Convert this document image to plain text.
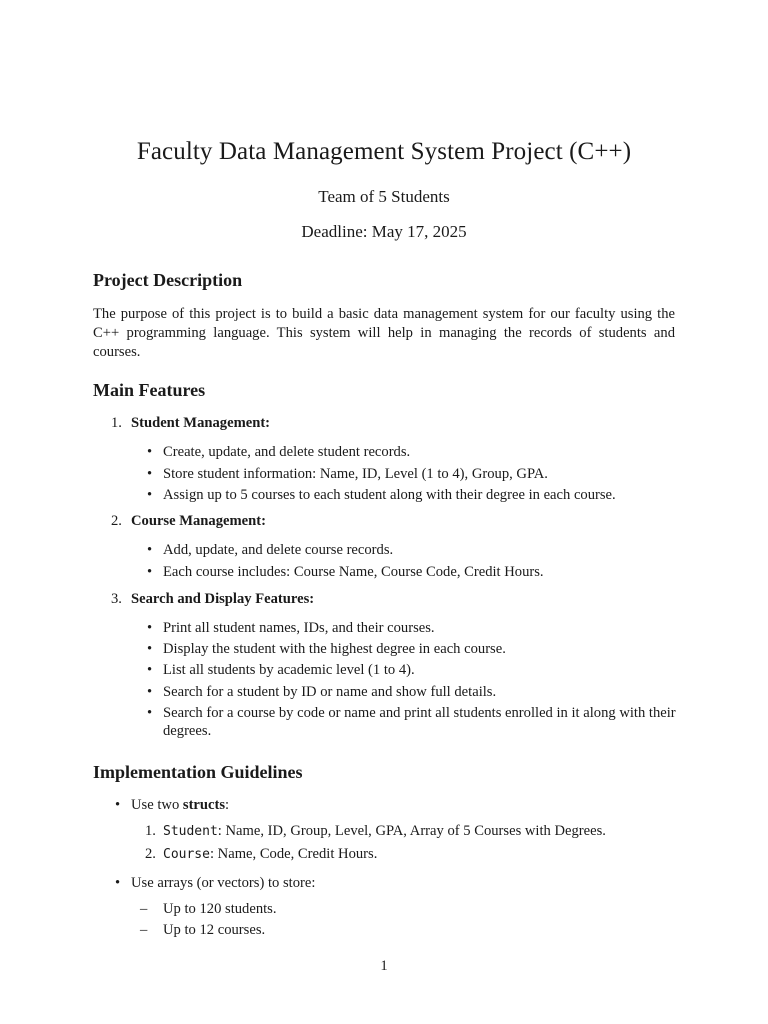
Faculty Data Management System Project (C++)
Team of 5 Students
Deadline: May 17, 2025
Project Description
The purpose of this project is to build a basic data management system for our faculty using the C++ programming language. This system will help in managing the records of students and courses.
Main Features
1. Student Management:
• Create, update, and delete student records.
• Store student information: Name, ID, Level (1 to 4), Group, GPA.
• Assign up to 5 courses to each student along with their degree in each course.
2. Course Management:
• Add, update, and delete course records.
• Each course includes: Course Name, Course Code, Credit Hours.
3. Search and Display Features:
• Print all student names, IDs, and their courses.
• Display the student with the highest degree in each course.
• List all students by academic level (1 to 4).
• Search for a student by ID or name and show full details.
• Search for a course by code or name and print all students enrolled in it along with their degrees.
• Use two structs:
1. Student: Name, ID, Group, Level, GPA, Array of 5 Courses with Degrees.
2. Course: Name, Code, Credit Hours.
• Use arrays (or vectors) to store:
– Up to 120 students.
– Up to 12 courses.
Implementation Guidelines
1
